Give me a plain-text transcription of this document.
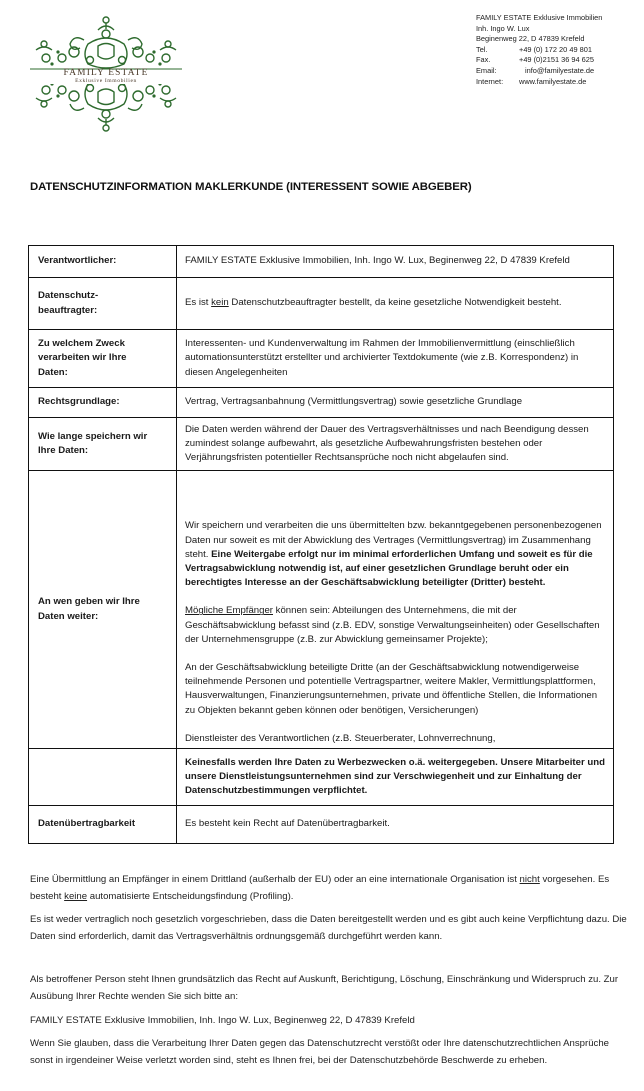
FAMILY ESTATE
Exklusive Immobilien
FAMILY ESTATE Exklusive Immobilien
Inh. Ingo W. Lux
Beginenweg 22, D 47839 Krefeld
Tel.	+49 (0) 172 20 49 801
Fax.	+49 (0)2151 36 94 625
Email:	info@familyestate.de
Internet: www.familyestate.de
DATENSCHUTZINFORMATION MAKLERKUNDE (INTERESSENT SOWIE ABGEBER)
Verantwortlicher:	FAMILY ESTATE Exklusive Immobilien, Inh. Ingo W. Lux, Beginenweg 22, D 47839 Krefeld
Datenschutz-beauftragter:	Es ist kein Datenschutzbeauftragter bestellt, da keine gesetzliche Notwendigkeit besteht.
Zu welchem Zweck verarbeiten wir Ihre Daten:	Interessenten- und Kundenverwaltung im Rahmen der Immobilienvermittlung (einschließlich automationsunterstützt erstellter und archivierter Textdokumente (wie z.B. Korrespondenz) in diesen Angelegenheiten
Rechtsgrundlage:	Vertrag, Vertragsanbahnung (Vermittlungsvertrag) sowie gesetzliche Grundlage
Wie lange speichern wir Ihre Daten:	Die Daten werden während der Dauer des Vertragsverhältnisses und nach Beendigung dessen zumindest solange aufbewahrt, als gesetzliche Aufbewahrungsfristen bestehen oder Verjährungsfristen potentieller Rechtsansprüche noch nicht abgelaufen sind.
An wen geben wir Ihre Daten weiter:	Wir speichern und verarbeiten die uns übermittelten bzw. bekanntgegebenen personenbezogenen Daten nur soweit es mit der Abwicklung des Vertrages (Vermittlungsvertrag) im Zusammenhang steht. Eine Weitergabe erfolgt nur im minimal erforderlichen Umfang und soweit es für die Vertragsabwicklung notwendig ist, auf einer gesetzlichen Grundlage beruht oder ein berechtigtes Interesse an der Geschäftsabwicklung beteiligter (Dritter) besteht.

Mögliche Empfänger können sein: Abteilungen des Unternehmens, die mit der Geschäftsabwicklung befasst sind (z.B. EDV, sonstige Verwaltungseinheiten) oder Gesellschaften der Unternehmensgruppe (z.B. zur Abwicklung gemeinsamer Projekte);

An der Geschäftsabwicklung beteiligte Dritte (an der Geschäftsabwicklung notwendigerweise teilnehmende Personen und potentielle Vertragspartner, weitere Makler, Vermittlungsplattformen, Hausverwaltungen, Finanzierungsunternehmen, private und öffentliche Stellen, die Informationen zu Objekten bekannt geben können oder benötigen, Versicherungen)

Dienstleister des Verantwortlichen (z.B. Steuerberater, Lohnverrechnung,

	Keinesfalls werden Ihre Daten zu Werbezwecken o.ä. weitergegeben. Unsere Mitarbeiter und unsere Dienstleistungsunternehmen sind zur Verschwiegenheit und zur Einhaltung der Datenschutzbestimmungen verpflichtet.
Datenübertragbarkeit	Es besteht kein Recht auf Datenübertragbarkeit.
Eine Übermittlung an Empfänger in einem Drittland (außerhalb der EU) oder an eine internationale Organisation ist nicht vorgesehen. Es besteht keine automatisierte Entscheidungsfindung (Profiling).
Es ist weder vertraglich noch gesetzlich vorgeschrieben, dass die Daten bereitgestellt werden und es gibt auch keine Verpflichtung dazu. Die Daten sind erforderlich, damit das Vertragsverhältnis ordnungsgemäß durchgeführt werden kann.
Als betroffener Person steht Ihnen grundsätzlich das Recht auf Auskunft, Berichtigung, Löschung, Einschränkung und Widerspruch zu. Zur Ausübung Ihrer Rechte wenden Sie sich bitte an:
FAMILY ESTATE Exklusive Immobilien, Inh. Ingo W. Lux, Beginenweg 22, D 47839 Krefeld
Wenn Sie glauben, dass die Verarbeitung Ihrer Daten gegen das Datenschutzrecht verstößt oder Ihre datenschutzrechtlichen Ansprüche sonst in irgendeiner Weise verletzt worden sind, steht es Ihnen frei, bei der Datenschutzbehörde Beschwerde zu erheben.
